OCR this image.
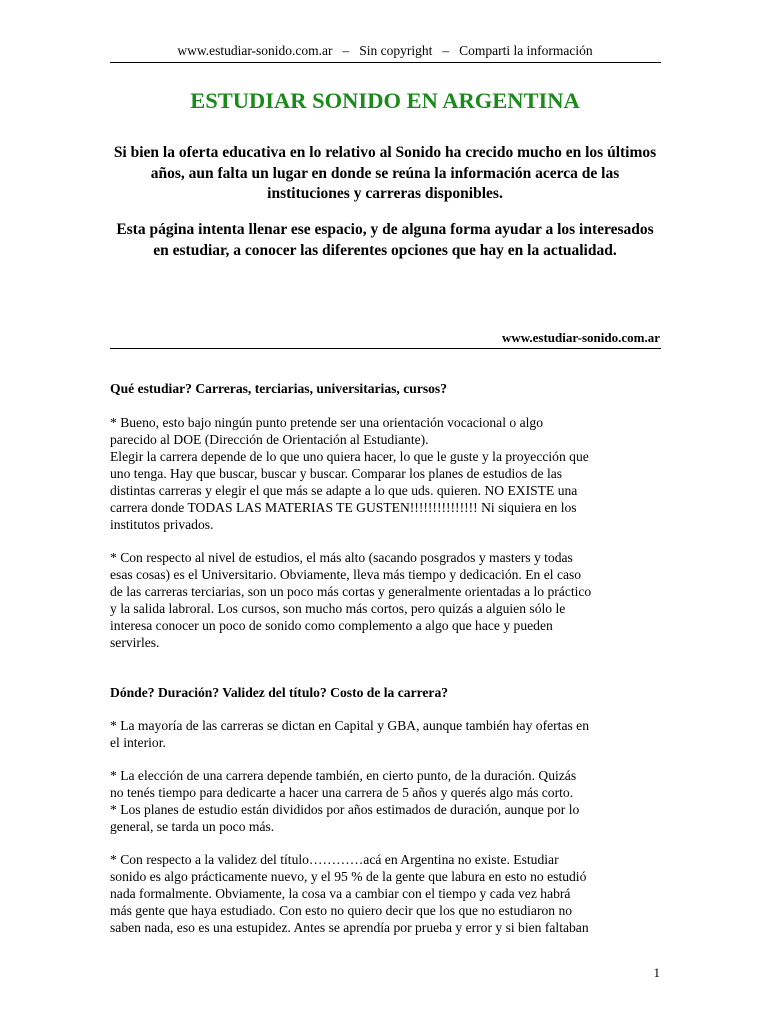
www.estudiar-sonido.com.ar – Sin copyright – Comparti la información
ESTUDIAR SONIDO EN ARGENTINA

Si bien la oferta educativa en lo relativo al Sonido ha crecido mucho en los últimos años, aun falta un lugar en donde se reúna la información acerca de las instituciones y carreras disponibles.

Esta página intenta llenar ese espacio, y de alguna forma ayudar a los interesados en estudiar, a conocer las diferentes opciones que hay en la actualidad.

www.estudiar-sonido.com.ar
Qué estudiar? Carreras, terciarias, universitarias, cursos?
* Bueno, esto bajo ningún punto pretende ser una orientación vocacional o algo
parecido al DOE (Dirección de Orientación al Estudiante).
Elegir la carrera depende de lo que uno quiera hacer, lo que le guste y la proyección que
uno tenga. Hay que buscar, buscar y buscar. Comparar los planes de estudios de las
distintas carreras y elegir el que más se adapte a lo que uds. quieren. NO EXISTE una
carrera donde TODAS LAS MATERIAS TE GUSTEN!!!!!!!!!!!!!!! Ni siquiera en los
institutos privados.
* Con respecto al nivel de estudios, el más alto (sacando posgrados y masters y todas
esas cosas) es el Universitario. Obviamente, lleva más tiempo y dedicación. En el caso
de las carreras terciarias, son un poco más cortas y generalmente orientadas a lo práctico
y la salida labroral. Los cursos, son mucho más cortos, pero quizás a alguien sólo le
interesa conocer un poco de sonido como complemento a algo que hace y pueden
servirles.
Dónde? Duración? Validez del título? Costo de la carrera?
* La mayoría de las carreras se dictan en Capital y GBA, aunque también hay ofertas en
el interior.
* La elección de una carrera depende también, en cierto punto, de la duración. Quizás
no tenés tiempo para dedicarte a hacer una carrera de 5 años y querés algo más corto.
* Los planes de estudio están divididos por años estimados de duración, aunque por lo
general, se tarda un poco más.
* Con respecto a la validez del título…………acá en Argentina no existe. Estudiar
sonido es algo prácticamente nuevo, y el 95 % de la gente que labura en esto no estudió
nada formalmente. Obviamente, la cosa va a cambiar con el tiempo y cada vez habrá
más gente que haya estudiado. Con esto no quiero decir que los que no estudiaron no
saben nada, eso es una estupidez. Antes se aprendía por prueba y error y si bien faltaban
1
